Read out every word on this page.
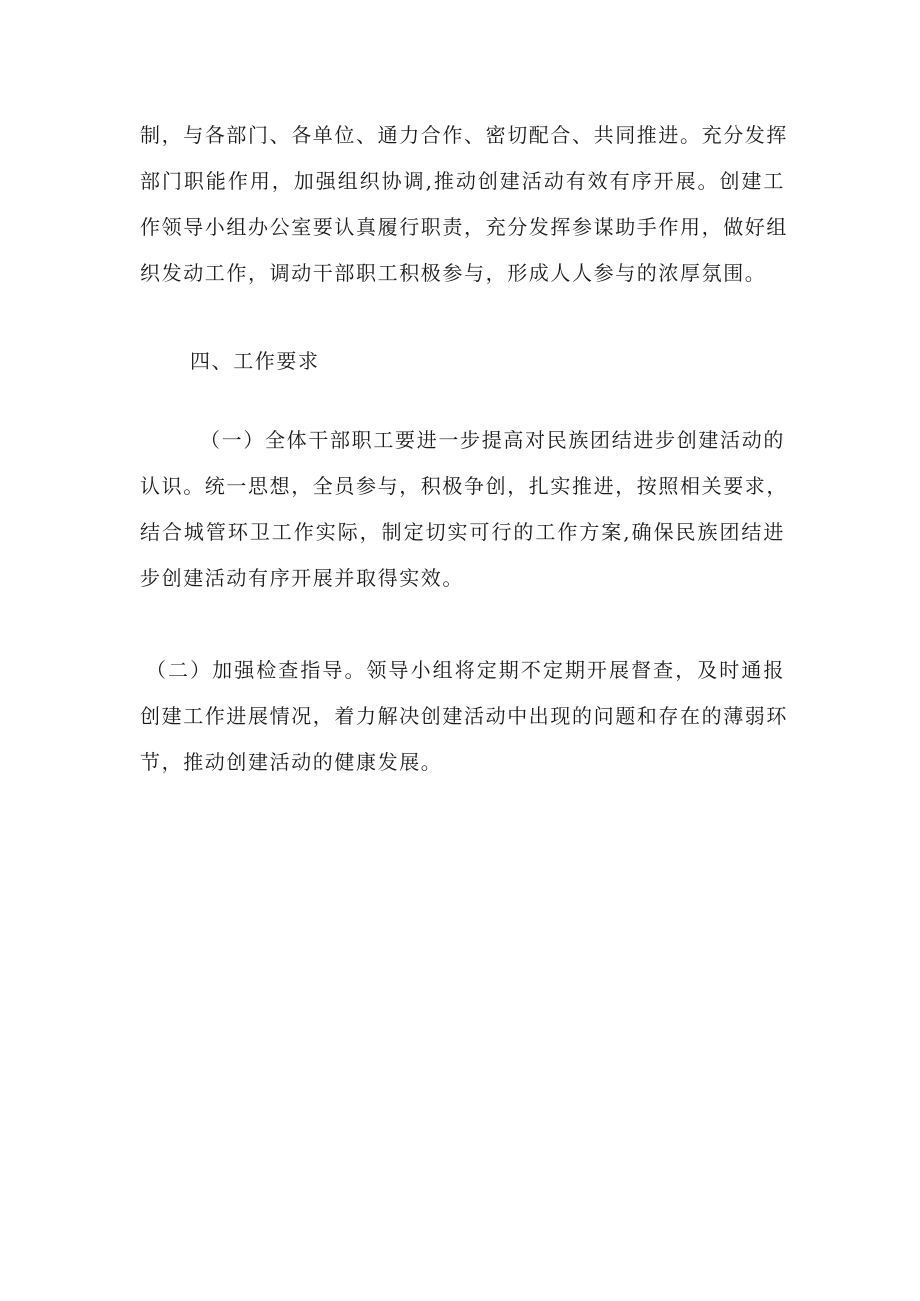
制，与各部门、各单位、通力合作、密切配合、共同推进。充分发挥
部门职能作用，加强组织协调,推动创建活动有效有序开展。创建工
作领导小组办公室要认真履行职责，充分发挥参谋助手作用，做好组
织发动工作，调动干部职工积极参与，形成人人参与的浓厚氛围。
四、工作要求
（一）全体干部职工要进一步提高对民族团结进步创建活动的
认识。统一思想，全员参与，积极争创，扎实推进，按照相关要求，
结合城管环卫工作实际，制定切实可行的工作方案,确保民族团结进
步创建活动有序开展并取得实效。
（二）加强检查指导。领导小组将定期不定期开展督查，及时通报
创建工作进展情况，着力解决创建活动中出现的问题和存在的薄弱环
节，推动创建活动的健康发展。
